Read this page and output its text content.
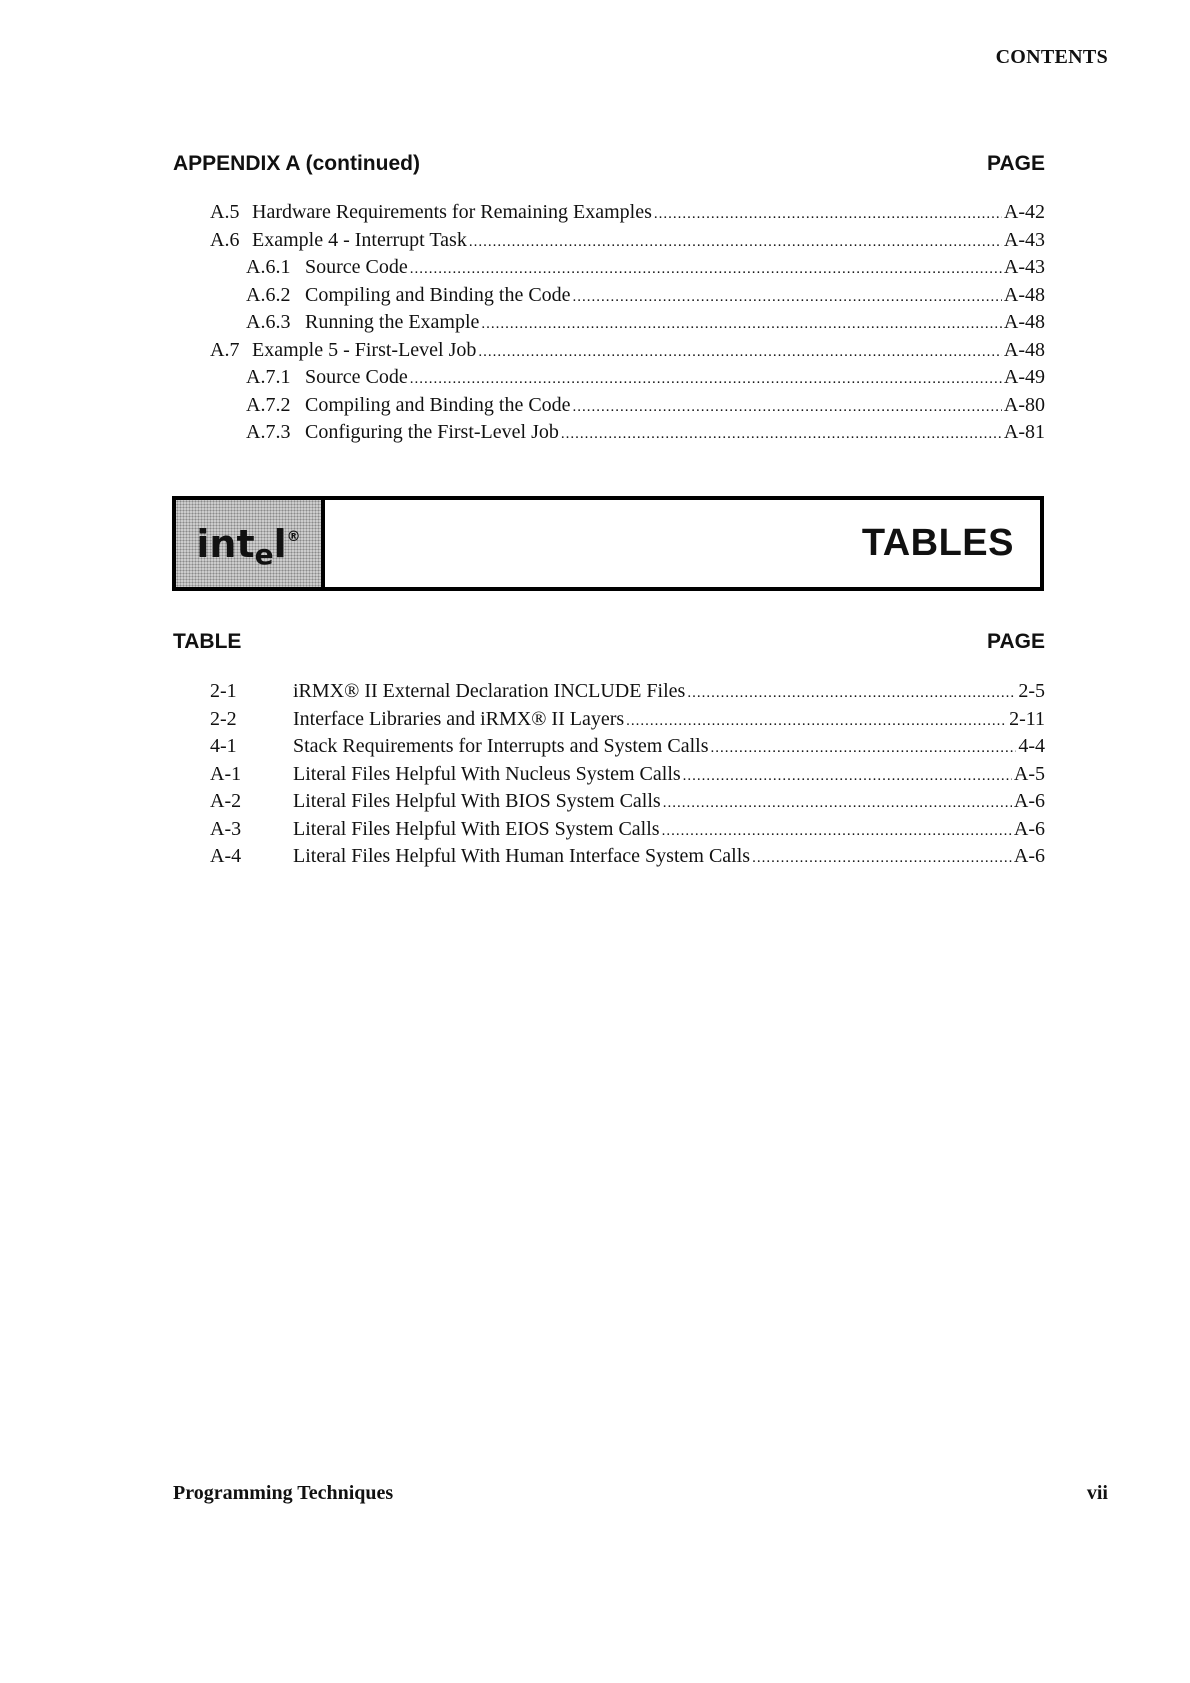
CONTENTS
APPENDIX A (continued)	PAGE
A.5 Hardware Requirements for Remaining Examples .....	A-42
A.6 Example 4 - Interrupt Task .....	A-43
A.6.1 Source Code .....	A-43
A.6.2 Compiling and Binding the Code .....	A-48
A.6.3 Running the Example .....	A-48
A.7 Example 5 - First-Level Job .....	A-48
A.7.1 Source Code .....	A-49
A.7.2 Compiling and Binding the Code .....	A-80
A.7.3 Configuring the First-Level Job .....	A-81
intel®	TABLES
TABLE	PAGE
2-1	iRMX® II External Declaration INCLUDE Files .....	2-5
2-2	Interface Libraries and iRMX® II Layers .....	2-11
4-1	Stack Requirements for Interrupts and System Calls .....	4-4
A-1	Literal Files Helpful With Nucleus System Calls .....	A-5
A-2	Literal Files Helpful With BIOS System Calls .....	A-6
A-3	Literal Files Helpful With EIOS System Calls .....	A-6
A-4	Literal Files Helpful With Human Interface System Calls .....	A-6
Programming Techniques	vii
